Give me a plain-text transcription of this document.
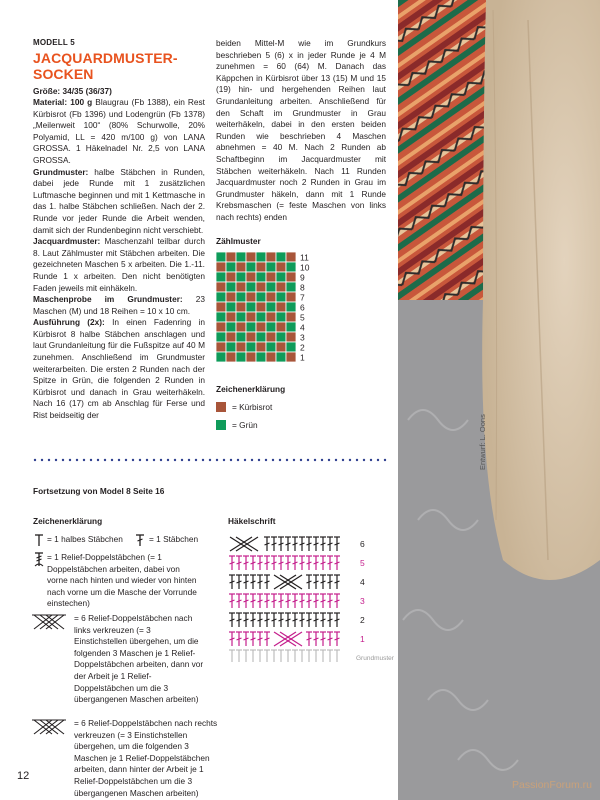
MODELL 5
JACQUARDMUSTER-SOCKEN
Größe: 34/35 (36/37)

Material: 100 g Blaugrau (Fb 1388), ein Rest Kürbisrot (Fb 1396) und Lodengrün (Fb 1378) „Meilenweit 100“ (80% Schurwolle, 20% Polyamid, LL = 420 m/100 g) von LANA GROSSA. 1 Häkelnadel Nr. 2,5 von LANA GROSSA.

Grundmuster: halbe Stäbchen in Runden, dabei jede Runde mit 1 zusätzlichen Luftmasche beginnen und mit 1 Kettmasche in das 1. halbe Stäbchen schließen. Nach der 2. Runde vor jeder Runde die Arbeit wenden, damit sich der Rundenbeginn nicht verschiebt.

Jacquardmuster: Maschenzahl teilbar durch 8. Laut Zählmuster mit Stäbchen arbeiten. Die gezeichneten Maschen 5 x arbeiten. Die 1.-11. Runde 1 x arbeiten. Den nicht benötigten Faden jeweils mit einhäkeln.

Maschenprobe im Grundmuster: 23 Maschen (M) und 18 Reihen = 10 x 10 cm.

Ausführung (2x): In einen Fadenring in Kürbisrot 8 halbe Stäbchen anschlagen und laut Grundanleitung für die Fußspitze auf 40 M zunehmen. Anschließend im Grundmuster weiterarbeiten. Die ersten 2 Runden nach der Spitze in Grün, die folgenden 2 Runden in Kürbisrot und danach in Grau weiterhäkeln. Nach 16 (17) cm ab Anschlag für Ferse und Rist beidseitig der

beiden Mittel-M wie im Grundkurs beschrieben 5 (6) x in jeder Runde je 4 M zunehmen = 60 (64) M. Danach das Käppchen in Kürbisrot über 13 (15) M und 15 (19) hin- und hergehenden Reihen laut Grundanleitung arbeiten. Anschließend für den Schaft im Grundmuster in Grau weiterhäkeln, dabei in den ersten beiden Runden wie beschrieben 4 Maschen abnehmen = 40 M. Nach 2 Runden ab Schaftbeginn im Jacquardmuster mit Stäbchen weiterhäkeln. Nach 11 Runden Jacquardmuster noch 2 Runden in Grau im Grundmuster häkeln, dann mit 1 Runde Krebsmaschen (= feste Maschen von links nach rechts) enden

Zählmuster
11
10
9
8
7
6
5
4
3
2
1
Zeichenerklärung
= Kürbisrot
= Grün
Fortsetzung von Model 8 Seite 16
Zeichenerklärung
= 1 halbes Stäbchen	= 1 Stäbchen
= 1 Relief-Doppelstäbchen (= 1 Doppelstäbchen arbeiten, dabei von vorne nach hinten und wieder von hinten nach vorne um die Masche der Vorrunde einstechen)
= 6 Relief-Doppelstäbchen nach links verkreuzen (= 3 Einstichstellen übergehen, um die folgenden 3 Maschen je 1 Relief-Doppelstäbchen arbeiten, dann vor der Arbeit je 1 Relief-Doppelstäbchen um die 3 übergangenen Maschen arbeiten)
= 6 Relief-Doppelstäbchen nach rechts verkreuzen (= 3 Einstichstellen übergehen, um die folgenden 3 Maschen je 1 Relief-Doppelstäbchen arbeiten, dann hinter der Arbeit je 1 Relief-Doppelstäbchen um die 3 übergangenen Maschen arbeiten)
Häkelschrift
6
5
4
3
2
1
Grundmuster
12
Entwurf: L. Oons
PassionForum.ru
